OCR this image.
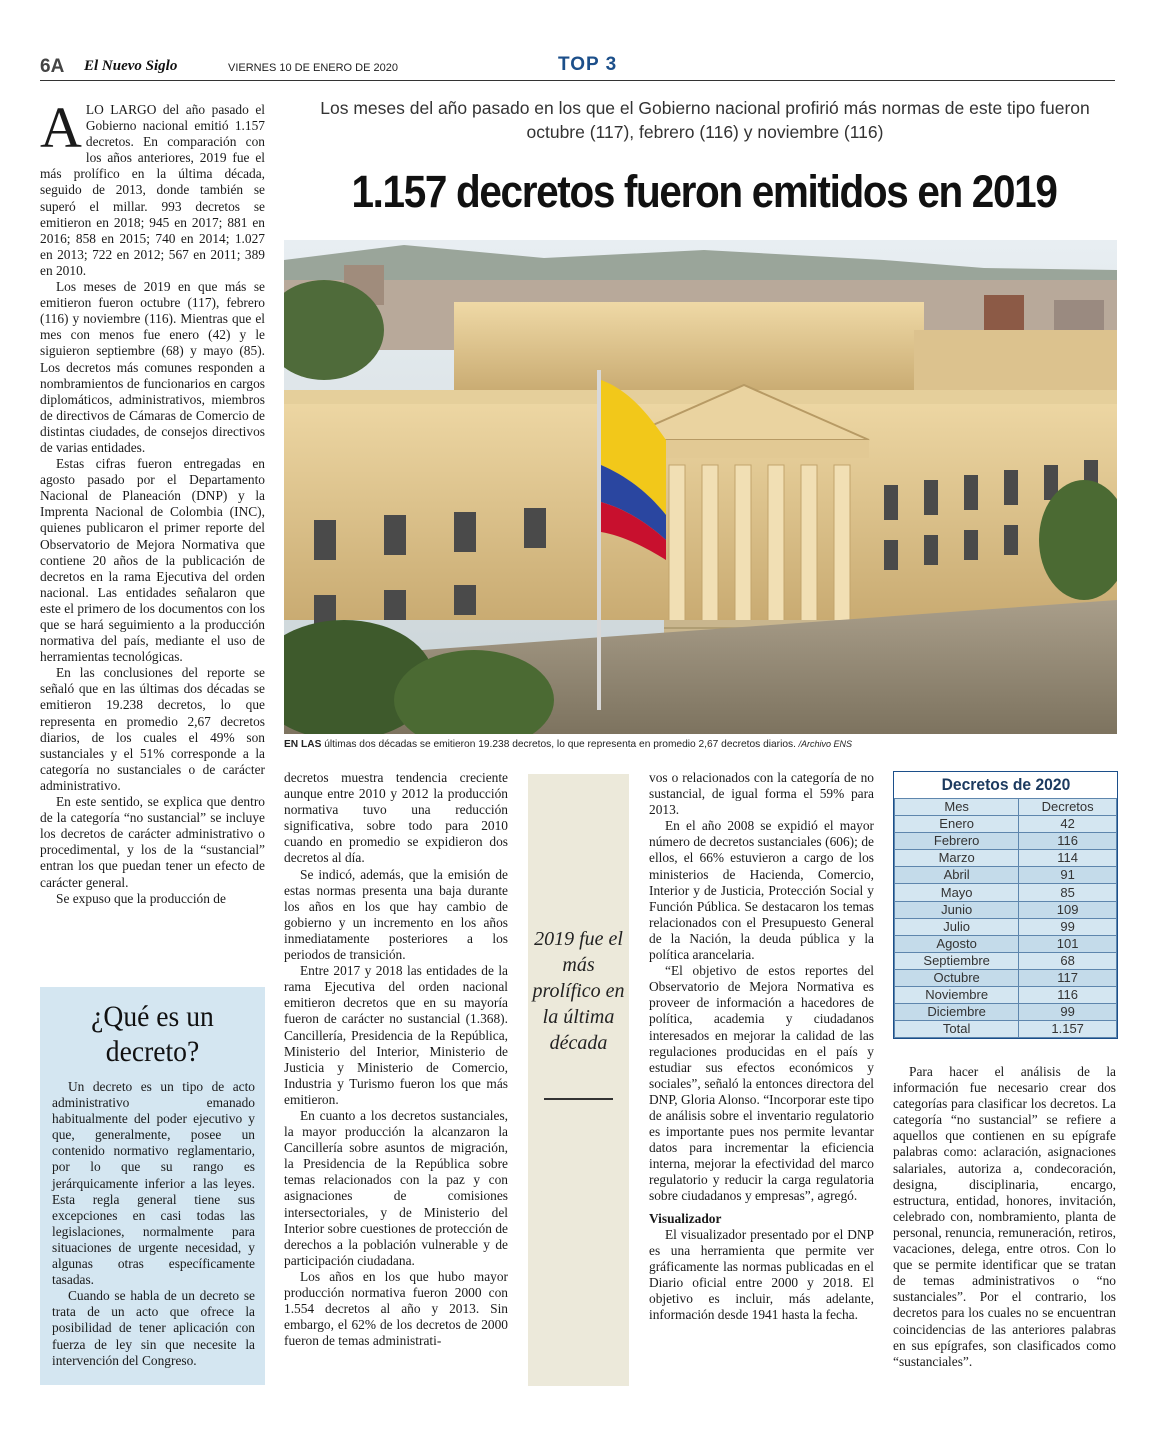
6A El Nuevo Siglo	VIERNES 10 DE ENERO DE 2020	TOP 3
Los meses del año pasado en los que el Gobierno nacional profirió más normas de este tipo fueron octubre (117), febrero (116) y noviembre (116)
1.157 decretos fueron emitidos en 2019

ALO LARGO del año pasado el Gobierno nacional emitió 1.157 decretos. En comparación con los años anteriores, 2019 fue el más prolífico en la última década, seguido de 2013, donde también se superó el millar. 993 decretos se emitieron en 2018; 945 en 2017; 881 en 2016; 858 en 2015; 740 en 2014; 1.027 en 2013; 722 en 2012; 567 en 2011; 389 en 2010.

Los meses de 2019 en que más se emitieron fueron octubre (117), febrero (116) y noviembre (116). Mientras que el mes con menos fue enero (42) y le siguieron septiembre (68) y mayo (85). Los decretos más comunes responden a nombramientos de funcionarios en cargos diplomáticos, administrativos, miembros de directivos de Cámaras de Comercio de distintas ciudades, de consejos directivos de varias entidades.

Estas cifras fueron entregadas en agosto pasado por el Departamento Nacional de Planeación (DNP) y la Imprenta Nacional de Colombia (INC), quienes publicaron el primer reporte del Observatorio de Mejora Normativa que contiene 20 años de la publicación de decretos en la rama Ejecutiva del orden nacional. Las entidades señalaron que este el primero de los documentos con los que se hará seguimiento a la producción normativa del país, mediante el uso de herramientas tecnológicas.

En las conclusiones del reporte se señaló que en las últimas dos décadas se emitieron 19.238 decretos, lo que representa en promedio 2,67 decretos diarios, de los cuales el 49% son sustanciales y el 51% corresponde a la categoría no sustanciales o de carácter administrativo.

En este sentido, se explica que dentro de la categoría “no sustancial” se incluye los decretos de carácter administrativo o procedimental, y los de la “sustancial” entran los que puedan tener un efecto de carácter general.

Se expuso que la producción de

¿Qué es un decreto?

Un decreto es un tipo de acto administrativo emanado habitualmente del poder ejecutivo y que, generalmente, posee un contenido normativo reglamentario, por lo que su rango es jerárquicamente inferior a las leyes. Esta regla general tiene sus excepciones en casi todas las legislaciones, normalmente para situaciones de urgente necesidad, y algunas otras específicamente tasadas.

Cuando se habla de un decreto se trata de un acto que ofrece la posibilidad de tener aplicación con fuerza de ley sin que necesite la intervención del Congreso.

EN LAS últimas dos décadas se emitieron 19.238 decretos, lo que representa en promedio 2,67 decretos diarios. /Archivo ENS

decretos muestra tendencia creciente aunque entre 2010 y 2012 la producción normativa tuvo una reducción significativa, sobre todo para 2010 cuando en promedio se expidieron dos decretos al día.

Se indicó, además, que la emisión de estas normas presenta una baja durante los años en los que hay cambio de gobierno y un incremento en los años inmediatamente posteriores a los periodos de transición.

Entre 2017 y 2018 las entidades de la rama Ejecutiva del orden nacional emitieron decretos que en su mayoría fueron de carácter no sustancial (1.368). Cancillería, Presidencia de la República, Ministerio del Interior, Ministerio de Justicia y Ministerio de Comercio, Industria y Turismo fueron los que más emitieron.

En cuanto a los decretos sustanciales, la mayor producción la alcanzaron la Cancillería sobre asuntos de migración, la Presidencia de la República sobre temas relacionados con la paz y con asignaciones de comisiones intersectoriales, y de Ministerio del Interior sobre cuestiones de protección de derechos a la población vulnerable y de participación ciudadana.

Los años en los que hubo mayor producción normativa fueron 2000 con 1.554 decretos al año y 2013. Sin embargo, el 62% de los decretos de 2000 fueron de temas administrati-

2019 fue el más prolífico en la última década

vos o relacionados con la categoría de no sustancial, de igual forma el 59% para 2013.

En el año 2008 se expidió el mayor número de decretos sustanciales (606); de ellos, el 66% estuvieron a cargo de los ministerios de Hacienda, Comercio, Interior y de Justicia, Protección Social y Función Pública. Se destacaron los temas relacionados con el Presupuesto General de la Nación, la deuda pública y la política arancelaria.

“El objetivo de estos reportes del Observatorio de Mejora Normativa es proveer de información a hacedores de política, academia y ciudadanos interesados en mejorar la calidad de las regulaciones producidas en el país y estudiar sus efectos económicos y sociales”, señaló la entonces directora del DNP, Gloria Alonso. “Incorporar este tipo de análisis sobre el inventario regulatorio es importante pues nos permite levantar datos para incrementar la eficiencia interna, mejorar la efectividad del marco regulatorio y reducir la carga regulatoria sobre ciudadanos y empresas”, agregó.

Visualizador

El visualizador presentado por el DNP es una herramienta que permite ver gráficamente las normas publicadas en el Diario oficial entre 2000 y 2018. El objetivo es incluir, más adelante, información desde 1941 hasta la fecha.

Decretos de 2020
Mes	Decretos
Enero	42
Febrero	116
Marzo	114
Abril	91
Mayo	85
Junio	109
Julio	99
Agosto	101
Septiembre	68
Octubre	117
Noviembre	116
Diciembre	99
Total	1.157

Para hacer el análisis de la información fue necesario crear dos categorías para clasificar los decretos. La categoría “no sustancial” se refiere a aquellos que contienen en su epígrafe palabras como: aclaración, asignaciones salariales, autoriza a, condecoración, designa, disciplinaria, encargo, estructura, entidad, honores, invitación, celebrado con, nombramiento, planta de personal, renuncia, remuneración, retiros, vacaciones, delega, entre otros. Con lo que se permite identificar que se tratan de temas administrativos o “no sustanciales”. Por el contrario, los decretos para los cuales no se encuentran coincidencias de las anteriores palabras en sus epígrafes, son clasificados como “sustanciales”.
